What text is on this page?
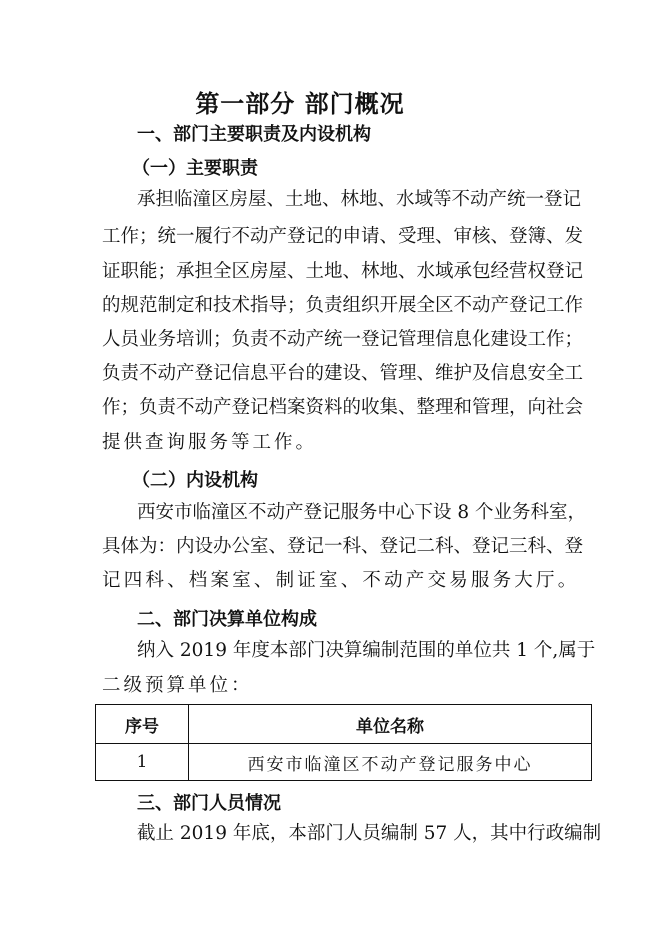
第一部分 部门概况
一、部门主要职责及内设机构
（一）主要职责
承担临潼区房屋、土地、林地、水域等不动产统一登记
工作；统一履行不动产登记的申请、受理、审核、登簿、发
证职能；承担全区房屋、土地、林地、水域承包经营权登记
的规范制定和技术指导；负责组织开展全区不动产登记工作
人员业务培训；负责不动产统一登记管理信息化建设工作；
负责不动产登记信息平台的建设、管理、维护及信息安全工
作；负责不动产登记档案资料的收集、整理和管理，向社会
提供查询服务等工作。
（二）内设机构
西安市临潼区不动产登记服务中心下设 8 个业务科室，
具体为：内设办公室、登记一科、登记二科、登记三科、登
记四科、档案室、制证室、不动产交易服务大厅。
二、部门决算单位构成
纳入 2019 年度本部门决算编制范围的单位共 1 个,属于
二级预算单位：
序号	单位名称
1	西安市临潼区不动产登记服务中心
三、部门人员情况
截止 2019 年底，本部门人员编制 57 人，其中行政编制
